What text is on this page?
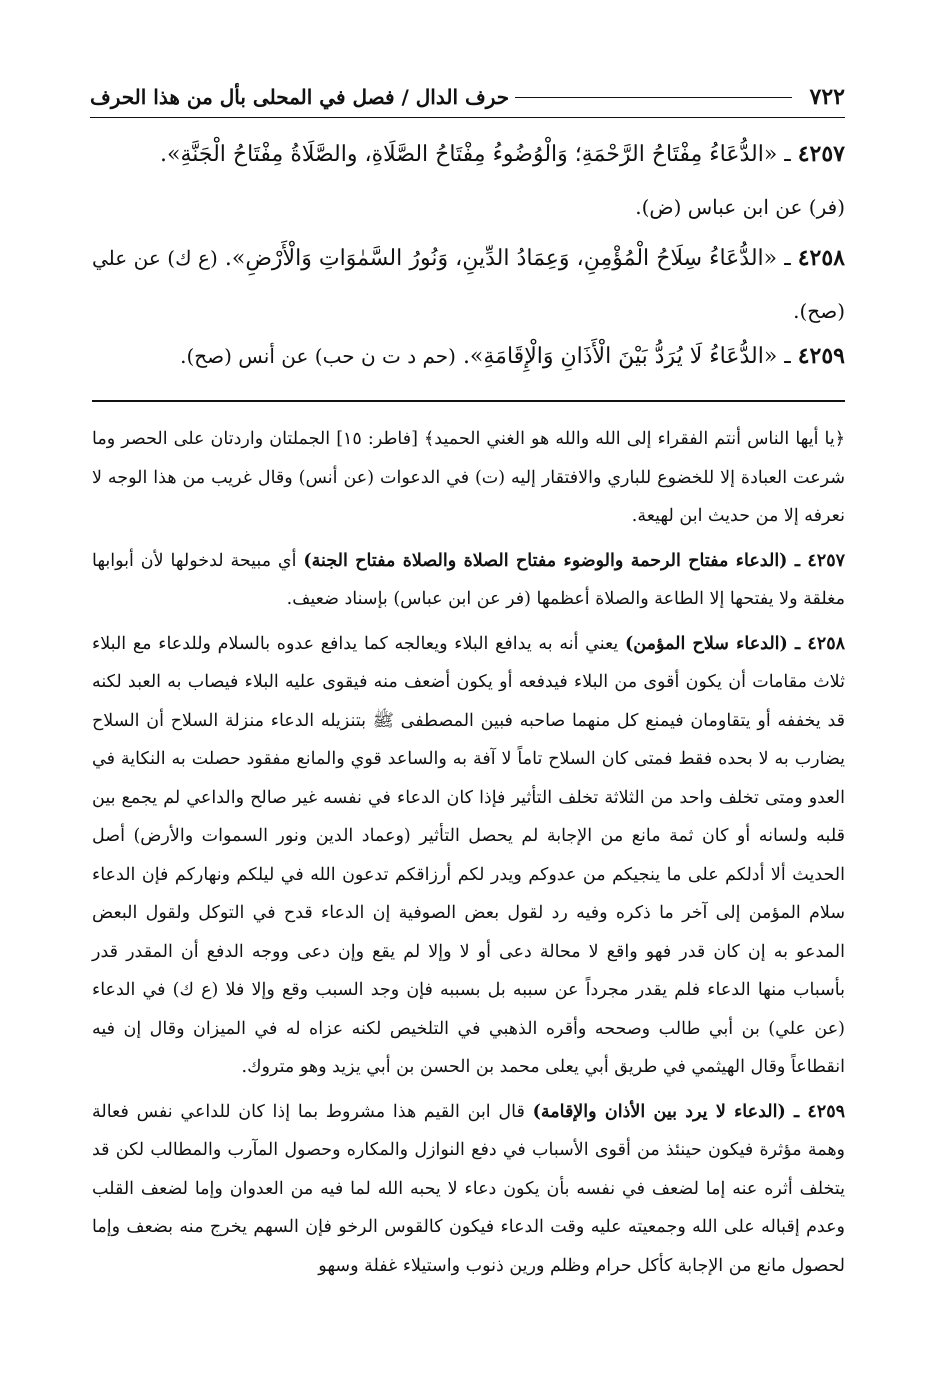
٧٢٢
حرف الدال / فصل في المحلى بأل من هذا الحرف

٤٢٥٧ ـ «الدُّعَاءُ مِفْتَاحُ الرَّحْمَةِ؛ وَالْوُضُوءُ مِفْتَاحُ الصَّلَاةِ، والصَّلَاةُ مِفْتَاحُ الْجَنَّةِ».
(فر) عن ابن عباس (ض).

٤٢٥٨ ـ «الدُّعَاءُ سِلَاحُ الْمُؤْمِنِ، وَعِمَادُ الدِّينِ، وَنُورُ السَّمٰوَاتِ وَالْأَرْضِ». (ع ك) عن علي (صح).

٤٢٥٩ ـ «الدُّعَاءُ لَا يُرَدُّ بَيْنَ الْأَذَانِ وَالْإِقَامَةِ». (حم د ت ن حب) عن أنس (صح).

﴿يا أيها الناس أنتم الفقراء إلى الله والله هو الغني الحميد﴾ [فاطر: ١٥] الجملتان واردتان على الحصر وما شرعت العبادة إلا للخضوع للباري والافتقار إليه (ت) في الدعوات (عن أنس) وقال غريب من هذا الوجه لا نعرفه إلا من حديث ابن لهيعة.

٤٢٥٧ ـ (الدعاء مفتاح الرحمة والوضوء مفتاح الصلاة والصلاة مفتاح الجنة) أي مبيحة لدخولها لأن أبوابها مغلقة ولا يفتحها إلا الطاعة والصلاة أعظمها (فر عن ابن عباس) بإسناد ضعيف.

٤٢٥٨ ـ (الدعاء سلاح المؤمن) يعني أنه به يدافع البلاء ويعالجه كما يدافع عدوه بالسلام وللدعاء مع البلاء ثلاث مقامات أن يكون أقوى من البلاء فيدفعه أو يكون أضعف منه فيقوى عليه البلاء فيصاب به العبد لكنه قد يخففه أو يتقاومان فيمنع كل منهما صاحبه فبين المصطفى ﷺ بتنزيله الدعاء منزلة السلاح أن السلاح يضارب به لا بحده فقط فمتى كان السلاح تاماً لا آفة به والساعد قوي والمانع مفقود حصلت به النكاية في العدو ومتى تخلف واحد من الثلاثة تخلف التأثير فإذا كان الدعاء في نفسه غير صالح والداعي لم يجمع بين قلبه ولسانه أو كان ثمة مانع من الإجابة لم يحصل التأثير (وعماد الدين ونور السموات والأرض) أصل الحديث ألا أدلكم على ما ينجيكم من عدوكم ويدر لكم أرزاقكم تدعون الله في ليلكم ونهاركم فإن الدعاء سلام المؤمن إلى آخر ما ذكره وفيه رد لقول بعض الصوفية إن الدعاء قدح في التوكل ولقول البعض المدعو به إن كان قدر فهو واقع لا محالة دعى أو لا وإلا لم يقع وإن دعى ووجه الدفع أن المقدر قدر بأسباب منها الدعاء فلم يقدر مجرداً عن سببه بل بسببه فإن وجد السبب وقع وإلا فلا (ع ك) في الدعاء (عن علي) بن أبي طالب وصححه وأقره الذهبي في التلخيص لكنه عزاه له في الميزان وقال إن فيه انقطاعاً وقال الهيثمي في طريق أبي يعلى محمد بن الحسن بن أبي يزيد وهو متروك.

٤٢٥٩ ـ (الدعاء لا يرد بين الأذان والإقامة) قال ابن القيم هذا مشروط بما إذا كان للداعي نفس فعالة وهمة مؤثرة فيكون حينئذ من أقوى الأسباب في دفع النوازل والمكاره وحصول المآرب والمطالب لكن قد يتخلف أثره عنه إما لضعف في نفسه بأن يكون دعاء لا يحبه الله لما فيه من العدوان وإما لضعف القلب وعدم إقباله على الله وجمعيته عليه وقت الدعاء فيكون كالقوس الرخو فإن السهم يخرج منه بضعف وإما لحصول مانع من الإجابة كأكل حرام وظلم ورين ذنوب واستيلاء غفلة وسهو
